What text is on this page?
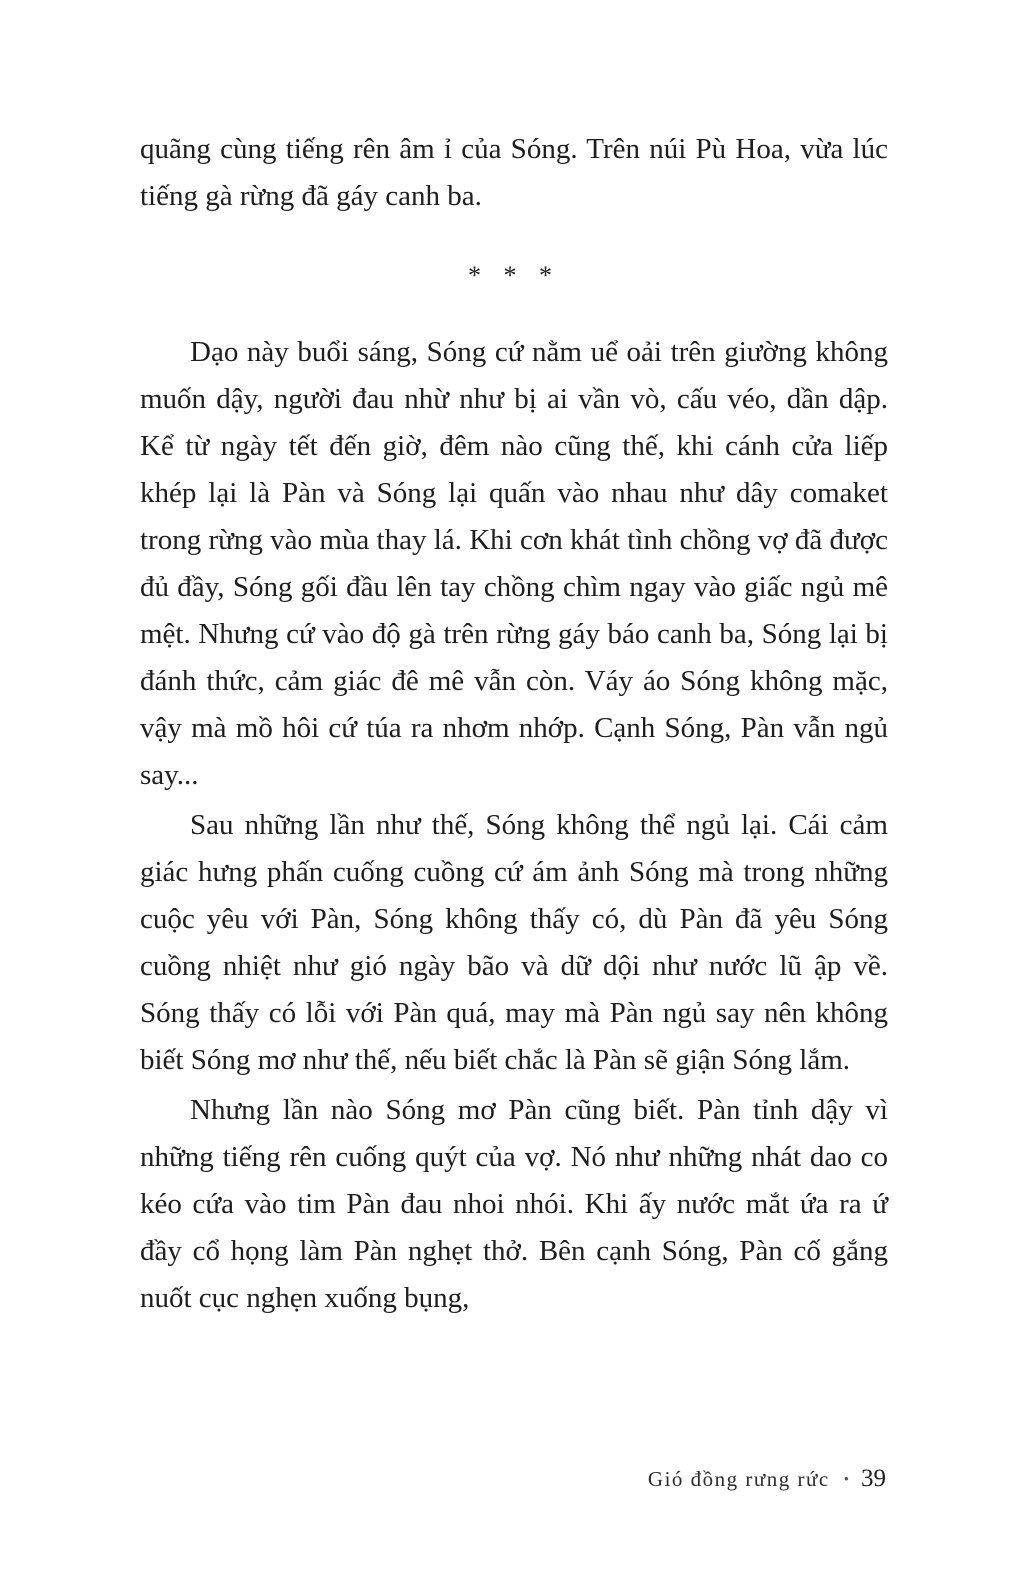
quãng cùng tiếng rên âm ỉ của Sóng. Trên núi Pù Hoa, vừa lúc tiếng gà rừng đã gáy canh ba.

* * *

Dạo này buổi sáng, Sóng cứ nằm uể oải trên giường không muốn dậy, người đau nhừ như bị ai vần vò, cấu véo, dần dập. Kể từ ngày tết đến giờ, đêm nào cũng thế, khi cánh cửa liếp khép lại là Pàn và Sóng lại quấn vào nhau như dây comaket trong rừng vào mùa thay lá. Khi cơn khát tình chồng vợ đã được đủ đầy, Sóng gối đầu lên tay chồng chìm ngay vào giấc ngủ mê mệt. Nhưng cứ vào độ gà trên rừng gáy báo canh ba, Sóng lại bị đánh thức, cảm giác đê mê vẫn còn. Váy áo Sóng không mặc, vậy mà mồ hôi cứ túa ra nhơm nhớp. Cạnh Sóng, Pàn vẫn ngủ say...

Sau những lần như thế, Sóng không thể ngủ lại. Cái cảm giác hưng phấn cuống cuồng cứ ám ảnh Sóng mà trong những cuộc yêu với Pàn, Sóng không thấy có, dù Pàn đã yêu Sóng cuồng nhiệt như gió ngày bão và dữ dội như nước lũ ập về. Sóng thấy có lỗi với Pàn quá, may mà Pàn ngủ say nên không biết Sóng mơ như thế, nếu biết chắc là Pàn sẽ giận Sóng lắm.

Nhưng lần nào Sóng mơ Pàn cũng biết. Pàn tỉnh dậy vì những tiếng rên cuống quýt của vợ. Nó như những nhát dao co kéo cứa vào tim Pàn đau nhoi nhói. Khi ấy nước mắt ứa ra ứ đầy cổ họng làm Pàn nghẹt thở. Bên cạnh Sóng, Pàn cố gắng nuốt cục nghẹn xuống bụng,

Gió đồng rưng rức • 39
